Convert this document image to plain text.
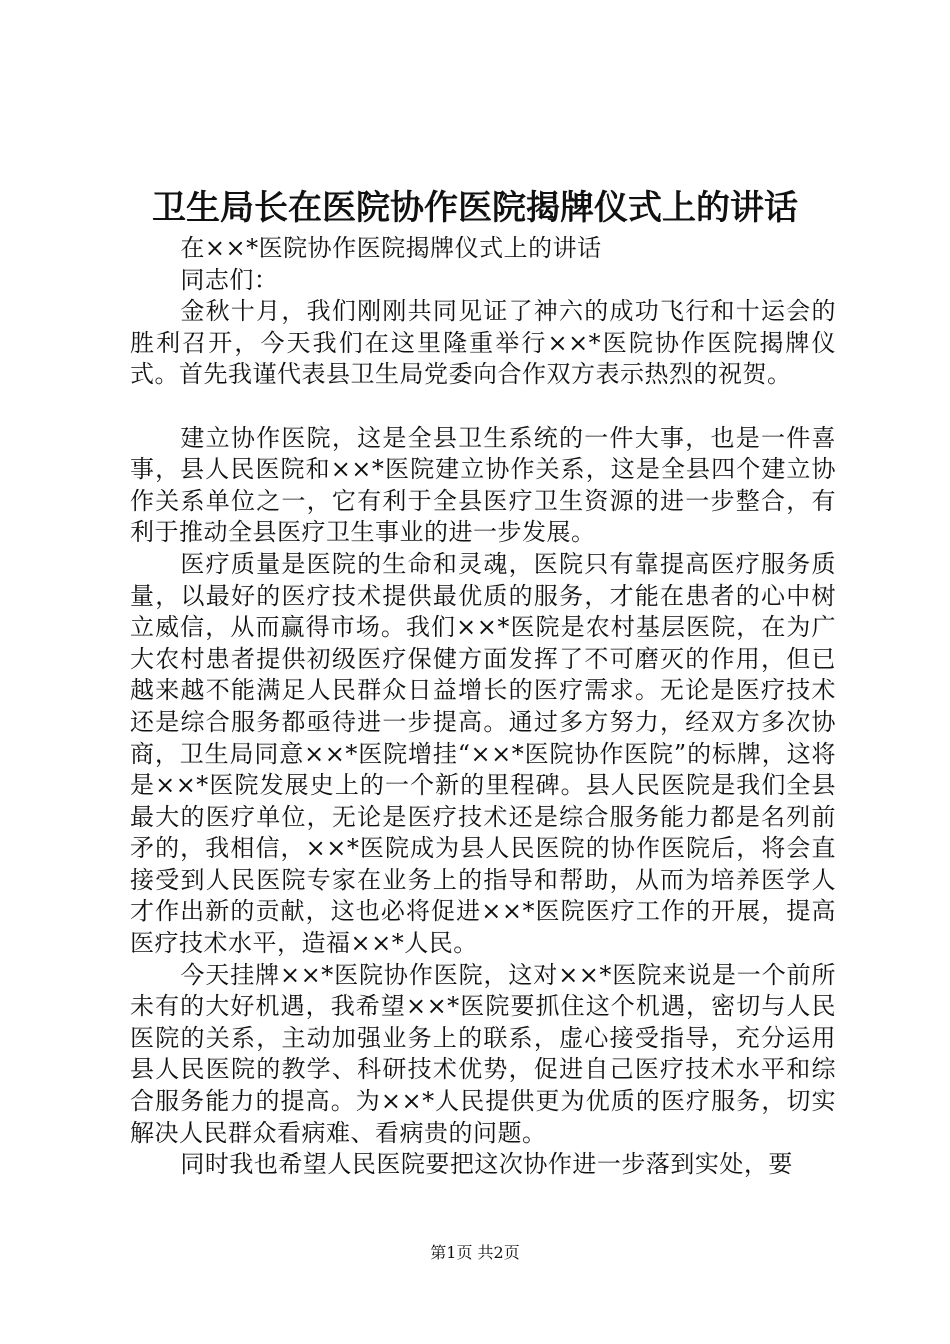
卫生局长在医院协作医院揭牌仪式上的讲话

在××*医院协作医院揭牌仪式上的讲话

同志们：

金秋十月，我们刚刚共同见证了神六的成功飞行和十运会的胜利召开，今天我们在这里隆重举行××*医院协作医院揭牌仪式。首先我谨代表县卫生局党委向合作双方表示热烈的祝贺。

建立协作医院，这是全县卫生系统的一件大事，也是一件喜事，县人民医院和××*医院建立协作关系，这是全县四个建立协作关系单位之一，它有利于全县医疗卫生资源的进一步整合，有利于推动全县医疗卫生事业的进一步发展。

医疗质量是医院的生命和灵魂，医院只有靠提高医疗服务质量，以最好的医疗技术提供最优质的服务，才能在患者的心中树立威信，从而赢得市场。我们××*医院是农村基层医院，在为广大农村患者提供初级医疗保健方面发挥了不可磨灭的作用，但已越来越不能满足人民群众日益增长的医疗需求。无论是医疗技术还是综合服务都亟待进一步提高。通过多方努力，经双方多次协商，卫生局同意××*医院增挂“××*医院协作医院”的标牌，这将是××*医院发展史上的一个新的里程碑。县人民医院是我们全县最大的医疗单位，无论是医疗技术还是综合服务能力都是名列前矛的，我相信，××*医院成为县人民医院的协作医院后，将会直接受到人民医院专家在业务上的指导和帮助，从而为培养医学人才作出新的贡献，这也必将促进××*医院医疗工作的开展，提高医疗技术水平，造福××*人民。

今天挂牌××*医院协作医院，这对××*医院来说是一个前所未有的大好机遇，我希望××*医院要抓住这个机遇，密切与人民医院的关系，主动加强业务上的联系，虚心接受指导，充分运用县人民医院的教学、科研技术优势，促进自己医疗技术水平和综合服务能力的提高。为××*人民提供更为优质的医疗服务，切实解决人民群众看病难、看病贵的问题。

同时我也希望人民医院要把这次协作进一步落到实处，要

第1页 共2页
